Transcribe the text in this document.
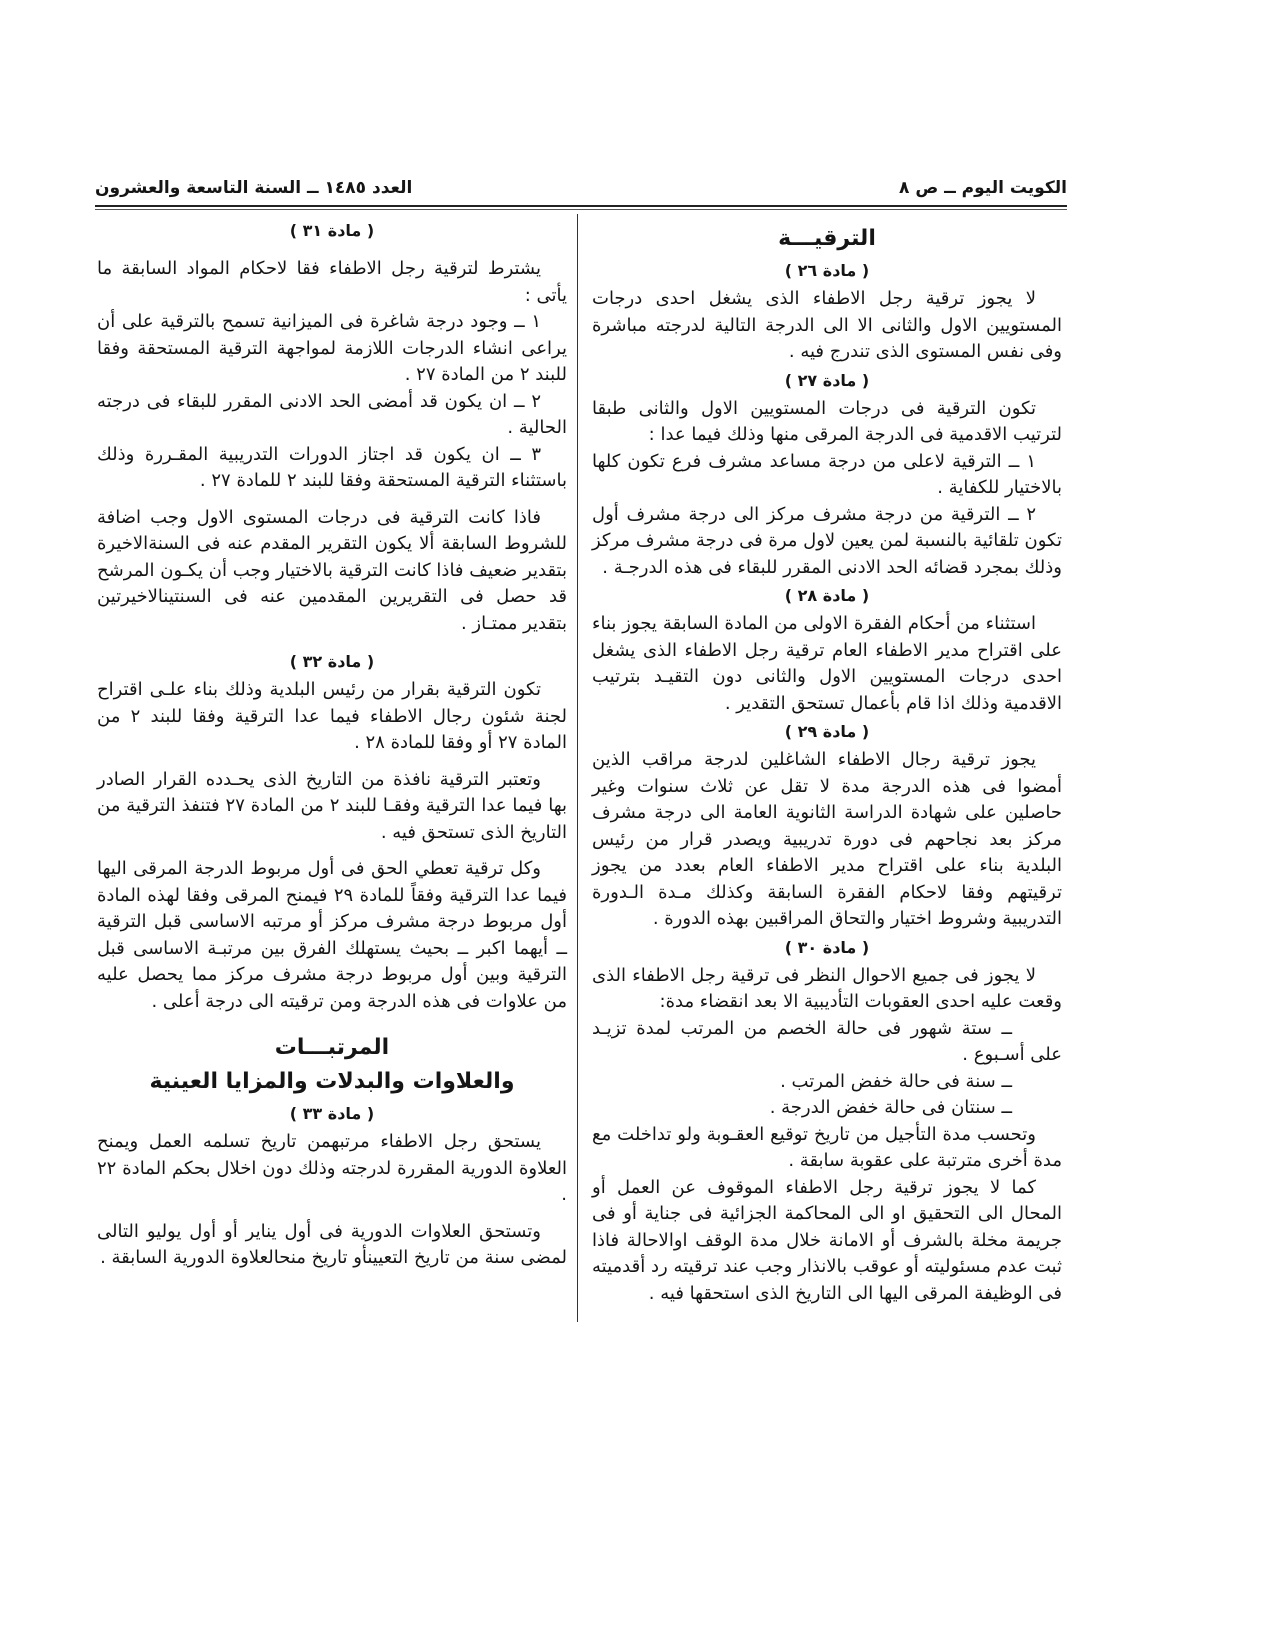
الكويت اليوم ــ ص ٨
العدد ١٤٨٥ ــ السنة التاسعة والعشرون
الترقيـــة
( مادة ٢٦ )

لا يجوز ترقية رجل الاطفاء الذى يشغل احدى درجات المستويين الاول والثانى الا الى الدرجة التالية لدرجته مباشرة وفى نفس المستوى الذى تندرج فيه .

( مادة ٢٧ )

تكون الترقية فى درجات المستويين الاول والثانى طبقا لترتيب الاقدمية فى الدرجة المرقى منها وذلك فيما عدا :

١ ــ الترقية لاعلى من درجة مساعد مشرف فرع تكون كلها بالاختيار للكفاية .

٢ ــ الترقية من درجة مشرف مركز الى درجة مشرف أول تكون تلقائية بالنسبة لمن يعين لاول مرة فى درجة مشرف مركز وذلك بمجرد قضائه الحد الادنى المقرر للبقاء فى هذه الدرجـة .

( مادة ٢٨ )

استثناء من أحكام الفقرة الاولى من المادة السابقة يجوز بناء على اقتراح مدير الاطفاء العام ترقية رجل الاطفاء الذى يشغل احدى درجات المستويين الاول والثانى دون التقيـد بترتيب الاقدمية وذلك اذا قام بأعمال تستحق التقدير .

( مادة ٢٩ )

يجوز ترقية رجال الاطفاء الشاغلين لدرجة مراقب الذين أمضوا فى هذه الدرجة مدة لا تقل عن ثلاث سنوات وغير حاصلين على شهادة الدراسة الثانوية العامة الى درجة مشرف مركز بعد نجاحهم فى دورة تدريبية ويصدر قرار من رئيس البلدية بناء على اقتراح مدير الاطفاء العام بعدد من يجوز ترقيتهم وفقا لاحكام الفقرة السابقة وكذلك مـدة الـدورة التدريبية وشروط اختيار والتحاق المراقبين بهذه الدورة .

( مادة ٣٠ )

لا يجوز فى جميع الاحوال النظر فى ترقية رجل الاطفاء الذى وقعت عليه احدى العقوبات التأديبية الا بعد انقضاء مدة:

ــ ستة شهور فى حالة الخصم من المرتب لمدة تزيـد على أسـبوع .

ــ سنة فى حالة خفض المرتب .

ــ سنتان فى حالة خفض الدرجة .

وتحسب مدة التأجيل من تاريخ توقيع العقـوبة ولو تداخلت مع مدة أخرى مترتبة على عقوبة سابقة .

كما لا يجوز ترقية رجل الاطفاء الموقوف عن العمل أو المحال الى التحقيق او الى المحاكمة الجزائية فى جناية أو فى جريمة مخلة بالشرف أو الامانة خلال مدة الوقف اوالاحالة فاذا ثبت عدم مسئوليته أو عوقب بالانذار وجب عند ترقيته رد أقدميته فى الوظيفة المرقى اليها الى التاريخ الذى استحقها فيه .

( مادة ٣١ )

يشترط لترقية رجل الاطفاء فقا لاحكام المواد السابقة ما يأتى :

١ ــ وجود درجة شاغرة فى الميزانية تسمح بالترقية على أن يراعى انشاء الدرجات اللازمة لمواجهة الترقية المستحقة وفقا للبند ٢ من المادة ٢٧ .

٢ ــ ان يكون قد أمضى الحد الادنى المقرر للبقاء فى درجته الحالية .

٣ ــ ان يكون قد اجتاز الدورات التدريبية المقـررة وذلك باستثناء الترقية المستحقة وفقا للبند ٢ للمادة ٢٧ .

فاذا كانت الترقية فى درجات المستوى الاول وجب اضافة للشروط السابقة ألا يكون التقرير المقدم عنه فى السنةالاخيرة بتقدير ضعيف فاذا كانت الترقية بالاختيار وجب أن يكـون المرشح قد حصل فى التقريرين المقدمين عنه فى السنتينالاخيرتين بتقدير ممتـاز .

( مادة ٣٢ )

تكون الترقية بقرار من رئيس البلدية وذلك بناء علـى اقتراح لجنة شئون رجال الاطفاء فيما عدا الترقية وفقا للبند ٢ من المادة ٢٧ أو وفقا للمادة ٢٨ .

وتعتبر الترقية نافذة من التاريخ الذى يحـدده القرار الصادر بها فيما عدا الترقية وفقـا للبند ٢ من المادة ٢٧ فتنفذ الترقية من التاريخ الذى تستحق فيه .

وكل ترقية تعطي الحق فى أول مربوط الدرجة المرقى اليها فيما عدا الترقية وفقاً للمادة ٢٩ فيمنح المرقى وفقا لهذه المادة أول مربوط درجة مشرف مركز أو مرتبه الاساسى قبل الترقية ــ أيهما اكبر ــ بحيث يستهلك الفرق بين مرتبـة الاساسى قبل الترقية وبين أول مربوط درجة مشرف مركز مما يحصل عليه من علاوات فى هذه الدرجة ومن ترقيته الى درجة أعلى .

المرتبـــات
والعلاوات والبدلات والمزايا العينية
( مادة ٣٣ )

يستحق رجل الاطفاء مرتبهمن تاريخ تسلمه العمل ويمنح العلاوة الدورية المقررة لدرجته وذلك دون اخلال بحكم المادة ٢٢ .

وتستحق العلاوات الدورية فى أول يناير أو أول يوليو التالى لمضى سنة من تاريخ التعيينأو تاريخ منحالعلاوة الدورية السابقة .
